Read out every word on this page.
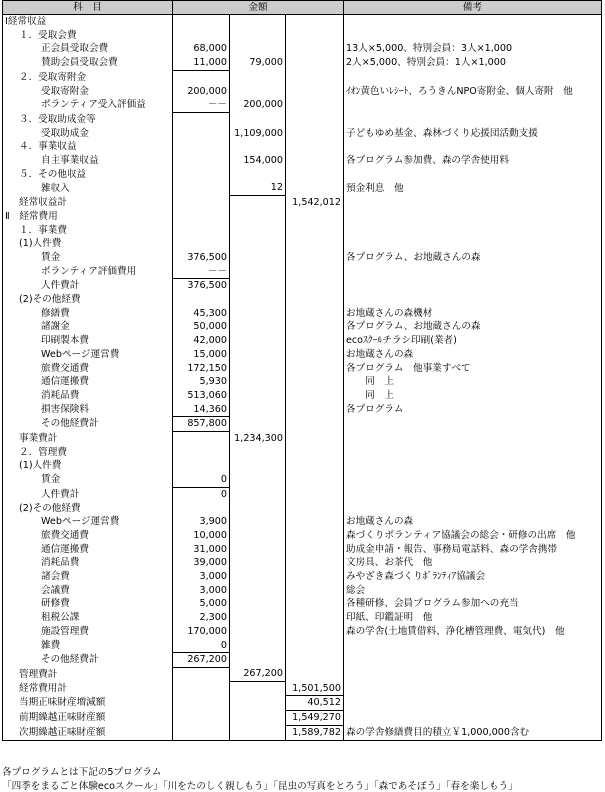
科　目	金額			備考
Ⅰ経常収益				
１．受取会費				
正会員受取会費	68,000			13人×5,000、特別会員：3人×1,000
賛助会員受取会費	11,000	79,000		2人×5,000、特別会員：1人×1,000
２．受取寄附金				
受取寄附金	200,000			ｲｵﾝ黄色いﾚｼｰﾄ、ろうきんNPO寄附金、個人寄附　他
ボランティア受入評価益	－－	200,000		
３．受取助成金等				
受取助成金		1,109,000		子どもゆめ基金、森林づくり応援団活動支援
４．事業収益				
自主事業収益		154,000		各プログラム参加費、森の学舎使用料
５．その他収益				
雑収入		12		預金利息　他
経常収益計			1,542,012	
Ⅱ　経常費用				
１．事業費				
(1)人件費				
賃金	376,500			各プログラム、お地蔵さんの森
ボランティア評価費用	－－			
人件費計	376,500			
(2)その他経費				
修繕費	45,300			お地蔵さんの森機材
諸謝金	50,000			各プログラム、お地蔵さんの森
印刷製本費	42,000			ecoｽｸｰﾙチラシ印刷(業者)
Webページ運営費	15,000			お地蔵さんの森
旅費交通費	172,150			各プログラム　他事業すべて
通信運搬費	5,930			　　同　上
消耗品費	513,060			　　同　上
損害保険料	14,360			各プログラム
その他経費計	857,800			
事業費計		1,234,300		
２．管理費				
(1)人件費				
賃金	0			
人件費計	0			
(2)その他経費				
Webページ運営費	3,900			お地蔵さんの森
旅費交通費	10,000			森づくりボランティア協議会の総会・研修の出席　他
通信運搬費	31,000			助成金申請・報告、事務局電話料、森の学舎携帯
消耗品費	39,000			文房具、お茶代　他
諸会費	3,000			みやざき森づくりﾎﾞﾗﾝﾃｨｱ協議会
会議費	3,000			総会
研修費	5,000			各種研修、会員プログラム参加への充当
租税公課	2,300			印紙、印鑑証明　他
施設管理費	170,000			森の学舎(土地賃借料、浄化槽管理費、電気代)　他
雑費	0			
その他経費計	267,200			
管理費計		267,200		
経常費用計			1,501,500	
当期正味財産増減額			40,512	
前期繰越正味財産額			1,549,270	
次期繰越正味財産額			1,589,782	森の学舎修繕費目的積立￥1,000,000含む
各プログラムとは下記の5プログラム
「四季をまるごと体験ecoスクール」「川をたのしく親しもう」「昆虫の写真をとろう」「森であそぼう」「春を楽しもう」
